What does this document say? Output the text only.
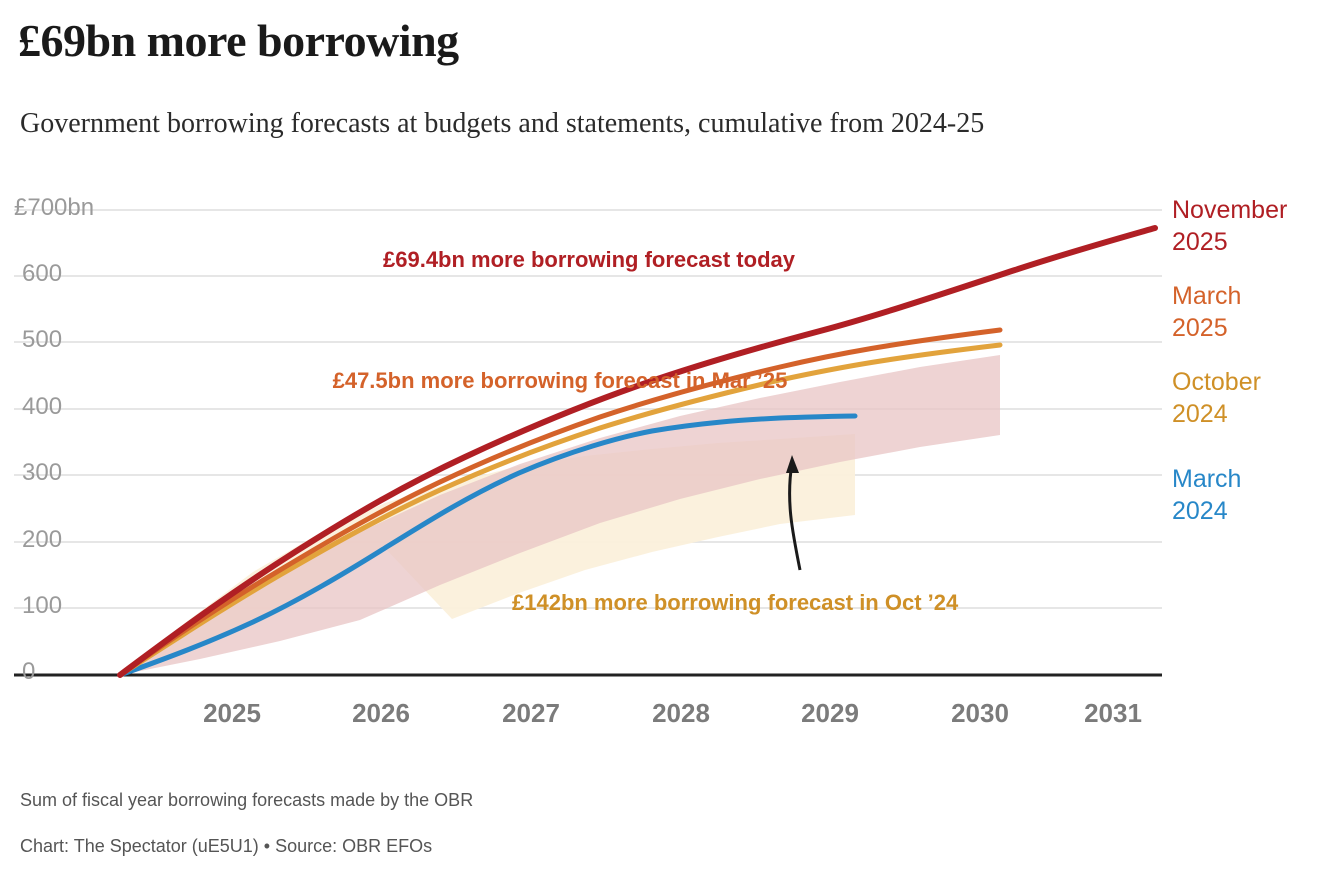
£69bn more borrowing
Government borrowing forecasts at budgets and statements, cumulative from 2024-25
£700bn
600
500
400
300
200
100
0
2025	2026	2027	2028	2029	2030	2031
November
2025
March
2025
October
2024
March
2024
£69.4bn more borrowing forecast today
£47.5bn more borrowing forecast in Mar ’25
£142bn more borrowing forecast in Oct ’24
Sum of fiscal year borrowing forecasts made by the OBR
Chart: The Spectator (uE5U1) • Source: OBR EFOs
